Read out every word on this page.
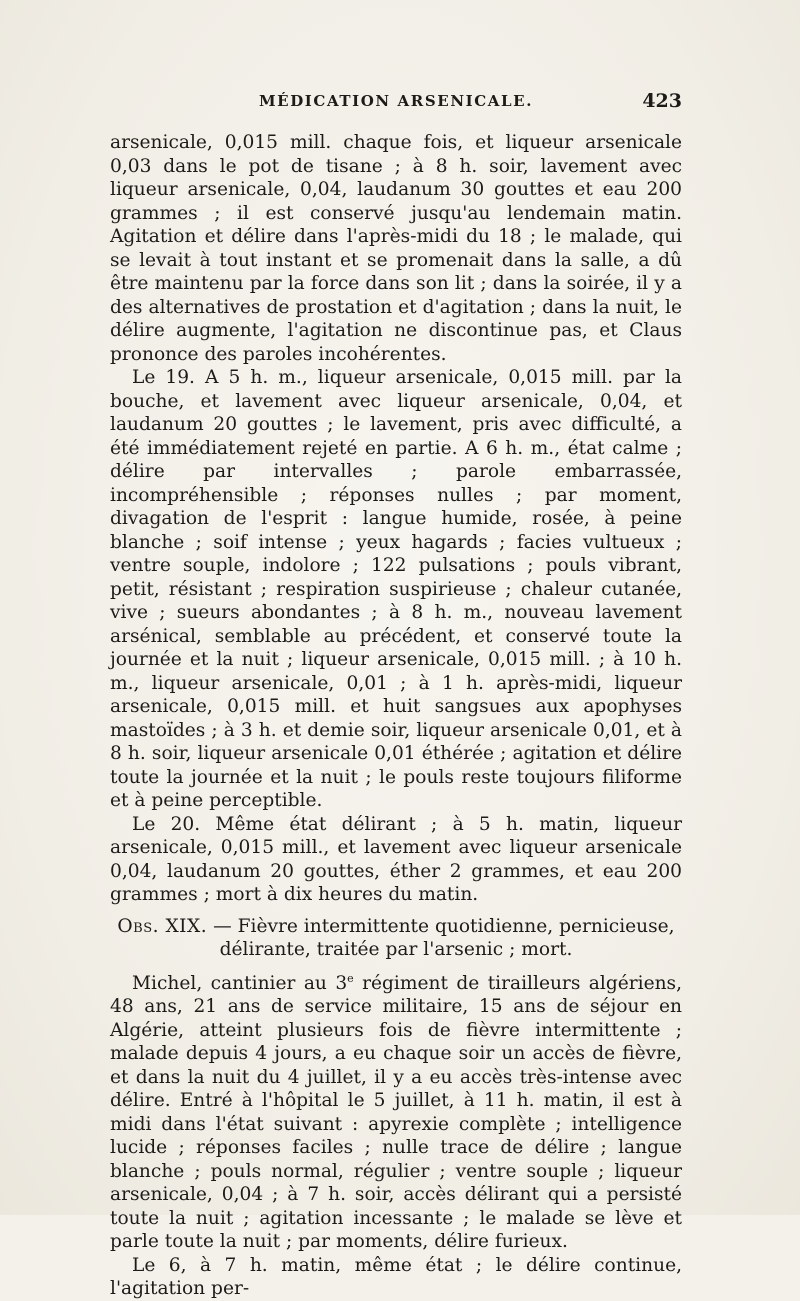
MÉDICATION ARSENICALE.	423

arsenicale, 0,015 mill. chaque fois, et liqueur arsenicale 0,03 dans le pot de tisane ; à 8 h. soir, lavement avec liqueur arsenicale, 0,04, laudanum 30 gouttes et eau 200 grammes ; il est conservé jusqu'au lendemain matin. Agitation et délire dans l'après-midi du 18 ; le malade, qui se levait à tout instant et se promenait dans la salle, a dû être maintenu par la force dans son lit ; dans la soirée, il y a des alternatives de prostation et d'agitation ; dans la nuit, le délire augmente, l'agitation ne discontinue pas, et Claus prononce des paroles incohérentes.

Le 19. A 5 h. m., liqueur arsenicale, 0,015 mill. par la bouche, et lavement avec liqueur arsenicale, 0,04, et laudanum 20 gouttes ; le lavement, pris avec difficulté, a été immédiatement rejeté en partie. A 6 h. m., état calme ; délire par intervalles ; parole embarrassée, incompréhensible ; réponses nulles ; par moment, divagation de l'esprit : langue humide, rosée, à peine blanche ; soif intense ; yeux hagards ; facies vultueux ; ventre souple, indolore ; 122 pulsations ; pouls vibrant, petit, résistant ; respiration suspirieuse ; chaleur cutanée, vive ; sueurs abondantes ; à 8 h. m., nouveau lavement arsénical, semblable au précédent, et conservé toute la journée et la nuit ; liqueur arsenicale, 0,015 mill. ; à 10 h. m., liqueur arsenicale, 0,01 ; à 1 h. après-midi, liqueur arsenicale, 0,015 mill. et huit sangsues aux apophyses mastoïdes ; à 3 h. et demie soir, liqueur arsenicale 0,01, et à 8 h. soir, liqueur arsenicale 0,01 éthérée ; agitation et délire toute la journée et la nuit ; le pouls reste toujours filiforme et à peine perceptible.

Le 20. Même état délirant ; à 5 h. matin, liqueur arsenicale, 0,015 mill., et lavement avec liqueur arsenicale 0,04, laudanum 20 gouttes, éther 2 grammes, et eau 200 grammes ; mort à dix heures du matin.

Obs. XIX. — Fièvre intermittente quotidienne, pernicieuse,
délirante, traitée par l'arsenic ; mort.

Michel, cantinier au 3e régiment de tirailleurs algériens, 48 ans, 21 ans de service militaire, 15 ans de séjour en Algérie, atteint plusieurs fois de fièvre intermittente ; malade depuis 4 jours, a eu chaque soir un accès de fièvre, et dans la nuit du 4 juillet, il y a eu accès très-intense avec délire. Entré à l'hôpital le 5 juillet, à 11 h. matin, il est à midi dans l'état suivant : apyrexie complète ; intelligence lucide ; réponses faciles ; nulle trace de délire ; langue blanche ; pouls normal, régulier ; ventre souple ; liqueur arsenicale, 0,04 ; à 7 h. soir, accès délirant qui a persisté toute la nuit ; agitation incessante ; le malade se lève et parle toute la nuit ; par moments, délire furieux.

Le 6, à 7 h. matin, même état ; le délire continue, l'agitation per-
